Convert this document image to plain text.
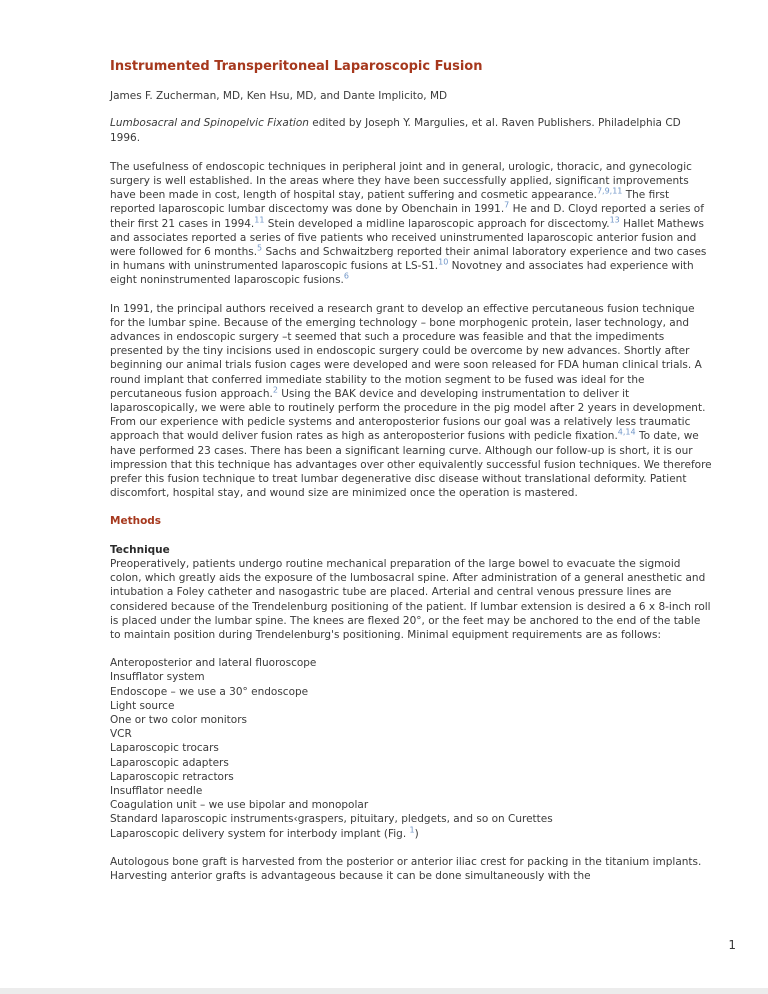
Instrumented Transperitoneal Laparoscopic Fusion

James F. Zucherman, MD, Ken Hsu, MD, and Dante Implicito, MD

Lumbosacral and Spinopelvic Fixation edited by Joseph Y. Margulies, et al. Raven Publishers. Philadelphia CD 1996.

The usefulness of endoscopic techniques in peripheral joint and in general, urologic, thoracic, and gynecologic surgery is well established. In the areas where they have been successfully applied, significant improvements have been made in cost, length of hospital stay, patient suffering and cosmetic appearance.$^{7,9,11}$ The first reported laparoscopic lumbar discectomy was done by Obenchain in 1991.$^7$ He and D. Cloyd reported a series of their first 21 cases in 1994.11 Stein developed a midline laparoscopic approach for discectomy.$^{13}$ Hallet Mathews and associates reported a series of five patients who received uninstrumented laparoscopic anterior fusion and were followed for 6 months.$^5$ Sachs and Schwaitzberg reported their animal laboratory experience and two cases in humans with uninstrumented laparoscopic fusions at LS-S1.10 Novotney and associates had experience with eight noninstrumented laparoscopic fusions.$^6$

In 1991, the principal authors received a research grant to develop an effective percutaneous fusion technique for the lumbar spine. Because of the emerging technology – bone morphogenic protein, laser technology, and advances in endoscopic surgery –t seemed that such a procedure was feasible and that the impediments presented by the tiny incisions used in endoscopic surgery could be overcome by new advances. Shortly after beginning our animal trials fusion cages were developed and were soon released for FDA human clinical trials. A round implant that conferred immediate stability to the motion segment to be fused was ideal for the percutaneous fusion approach.$^2$ Using the BAK device and developing instrumentation to deliver it laparoscopically, we were able to routinely perform the procedure in the pig model after 2 years in development. From our experience with pedicle systems and anteroposterior fusions our goal was a relatively less traumatic approach that would deliver fusion rates as high as anteroposterior fusions with pedicle fixation.$^{4,14}$ To date, we have performed 23 cases. There has been a significant learning curve. Although our follow-up is short, it is our impression that this technique has advantages over other equivalently successful fusion techniques. We therefore prefer this fusion technique to treat lumbar degenerative disc disease without translational deformity. Patient discomfort, hospital stay, and wound size are minimized once the operation is mastered.

Methods
Technique

Preoperatively, patients undergo routine mechanical preparation of the large bowel to evacuate the sigmoid colon, which greatly aids the exposure of the lumbosacral spine. After administration of a general anesthetic and intubation a Foley catheter and nasogastric tube are placed. Arterial and central venous pressure lines are considered because of the Trendelenburg positioning of the patient. If lumbar extension is desired a 6 x 8-inch roll is placed under the lumbar spine. The knees are flexed 20°, or the feet may be anchored to the end of the table to maintain position during Trendelenburg's positioning. Minimal equipment requirements are as follows:

Anteroposterior and lateral fluoroscope
Insufflator system
Endoscope – we use a 30° endoscope
Light source
One or two color monitors
VCR
Laparoscopic trocars
Laparoscopic adapters
Laparoscopic retractors
Insufflator needle
Coagulation unit – we use bipolar and monopolar
Standard laparoscopic instruments‹graspers, pituitary, pledgets, and so on Curettes
Laparoscopic delivery system for interbody implant (Fig. $^1$)

Autologous bone graft is harvested from the posterior or anterior iliac crest for packing in the titanium implants. Harvesting anterior grafts is advantageous because it can be done simultaneously with the

1
